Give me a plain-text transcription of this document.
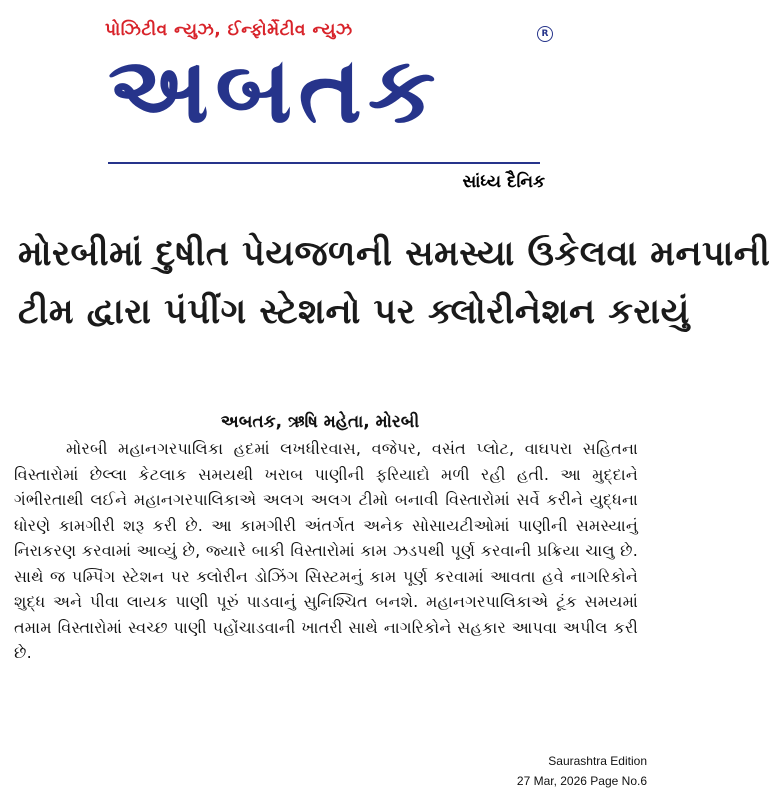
પોઝિટીવ ન્યુઝ, ઈન્ફોર્મેટીવ ન્યુઝ
અબતક
R
સાંધ્ય દૈનિક
મોરબીમાં દુષીત પેયજળની સમસ્યા ઉકેલવા મનપાની
ટીમ દ્વારા પંપીંગ સ્ટેશનો પર ક્લોરીનેશન કરાયું
અબતક, ઋષિ મહેતા, મોરબી
મોરબી મહાનગરપાલિકા હદમાં લખધીરવાસ, વજેપર, વસંત પ્લોટ, વાઘપરા સહિતના વિસ્તારોમાં છેલ્લા કેટલાક સમયથી ખરાબ પાણીની ફરિયાદો મળી રહી હતી. આ મુદ્દાને ગંભીરતાથી લઈને મહાનગરપાલિકાએ અલગ અલગ ટીમો બનાવી વિસ્તારોમાં સર્વે કરીને યુદ્ધના ધોરણે કામગીરી શરૂ કરી છે. આ કામગીરી અંતર્ગત અનેક સોસાયટીઓમાં પાણીની સમસ્યાનું નિરાકરણ કરવામાં આવ્યું છે, જ્યારે બાકી વિસ્તારોમાં કામ ઝડપથી પૂર્ણ કરવાની પ્રક્રિયા ચાલુ છે. સાથે જ પમ્પિંગ સ્ટેશન પર ક્લોરીન ડોઝિંગ સિસ્ટમનું કામ પૂર્ણ કરવામાં આવતા હવે નાગરિકોને શુદ્ધ અને પીવા લાયક પાણી પૂરું પાડવાનું સુનિશ્ચિત બનશે. મહાનગરપાલિકાએ ટૂંક સમયમાં તમામ વિસ્તારોમાં સ્વચ્છ પાણી પહોંચાડવાની ખાતરી સાથે નાગરિકોને સહકાર આપવા અપીલ કરી છે.
Saurashtra Edition
27 Mar, 2026 Page No.6
